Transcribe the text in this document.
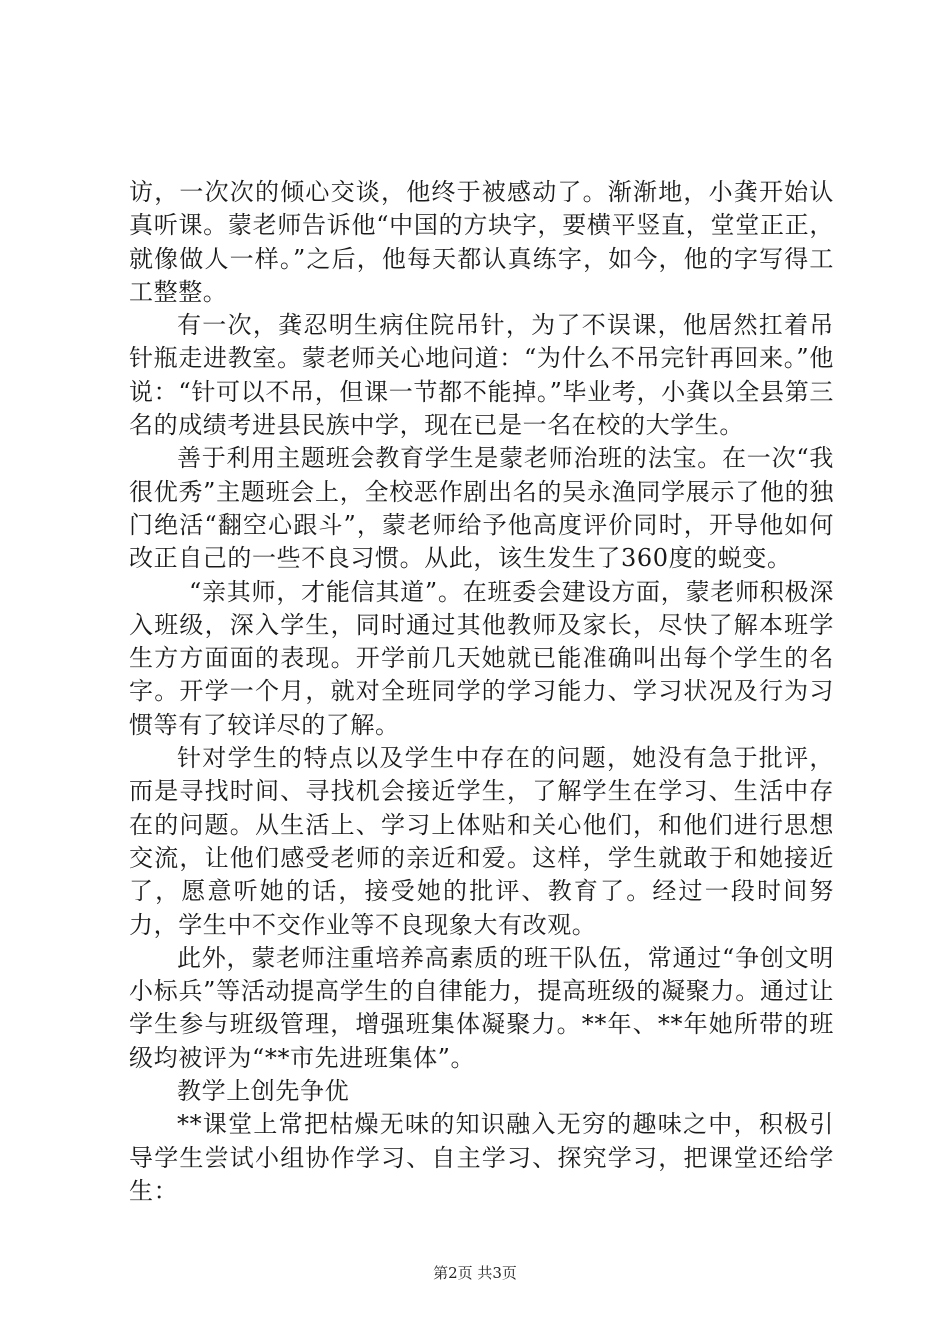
访，一次次的倾心交谈，他终于被感动了。渐渐地，小龚开始认真听课。蒙老师告诉他“中国的方块字，要横平竖直，堂堂正正，就像做人一样。”之后，他每天都认真练字，如今，他的字写得工工整整。

有一次，龚忍明生病住院吊针，为了不误课，他居然扛着吊针瓶走进教室。蒙老师关心地问道：“为什么不吊完针再回来。”他说：“针可以不吊，但课一节都不能掉。”毕业考，小龚以全县第三名的成绩考进县民族中学，现在已是一名在校的大学生。

善于利用主题班会教育学生是蒙老师治班的法宝。在一次“我很优秀”主题班会上，全校恶作剧出名的吴永渔同学展示了他的独门绝活“翻空心跟斗”，蒙老师给予他高度评价同时，开导他如何改正自己的一些不良习惯。从此，该生发生了360度的蜕变。

“亲其师，才能信其道”。在班委会建设方面，蒙老师积极深入班级，深入学生，同时通过其他教师及家长，尽快了解本班学生方方面面的表现。开学前几天她就已能准确叫出每个学生的名字。开学一个月，就对全班同学的学习能力、学习状况及行为习惯等有了较详尽的了解。

针对学生的特点以及学生中存在的问题，她没有急于批评，而是寻找时间、寻找机会接近学生，了解学生在学习、生活中存在的问题。从生活上、学习上体贴和关心他们，和他们进行思想交流，让他们感受老师的亲近和爱。这样，学生就敢于和她接近了，愿意听她的话，接受她的批评、教育了。经过一段时间努力，学生中不交作业等不良现象大有改观。

此外，蒙老师注重培养高素质的班干队伍，常通过“争创文明小标兵”等活动提高学生的自律能力，提高班级的凝聚力。通过让学生参与班级管理，增强班集体凝聚力。**年、**年她所带的班级均被评为“**市先进班集体”。

教学上创先争优

**课堂上常把枯燥无味的知识融入无穷的趣味之中，积极引导学生尝试小组协作学习、自主学习、探究学习，把课堂还给学生：

第2页 共3页
